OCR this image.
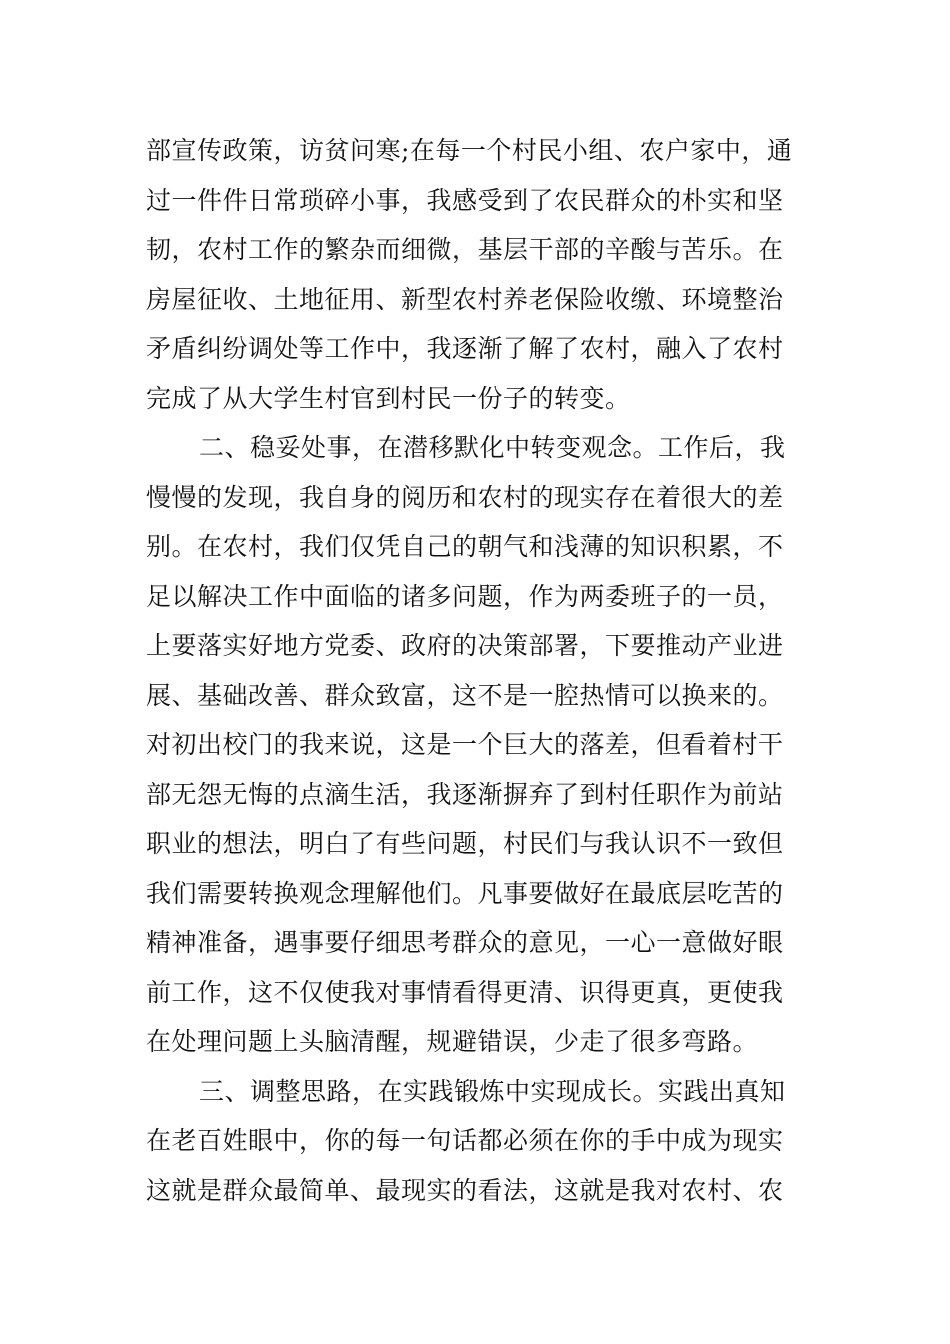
部宣传政策，访贫问寒;在每一个村民小组、农户家中，通
过一件件日常琐碎小事，我感受到了农民群众的朴实和坚
韧，农村工作的繁杂而细微，基层干部的辛酸与苦乐。在
房屋征收、土地征用、新型农村养老保险收缴、环境整治
矛盾纠纷调处等工作中，我逐渐了解了农村，融入了农村
完成了从大学生村官到村民一份子的转变。
二、稳妥处事，在潜移默化中转变观念。工作后，我
慢慢的发现，我自身的阅历和农村的现实存在着很大的差
别。在农村，我们仅凭自己的朝气和浅薄的知识积累，不
足以解决工作中面临的诸多问题，作为两委班子的一员，
上要落实好地方党委、政府的决策部署，下要推动产业进
展、基础改善、群众致富，这不是一腔热情可以换来的。
对初出校门的我来说，这是一个巨大的落差，但看着村干
部无怨无悔的点滴生活，我逐渐摒弃了到村任职作为前站
职业的想法，明白了有些问题，村民们与我认识不一致但
我们需要转换观念理解他们。凡事要做好在最底层吃苦的
精神准备，遇事要仔细思考群众的意见，一心一意做好眼
前工作，这不仅使我对事情看得更清、识得更真，更使我
在处理问题上头脑清醒，规避错误，少走了很多弯路。
三、调整思路，在实践锻炼中实现成长。实践出真知
在老百姓眼中，你的每一句话都必须在你的手中成为现实
这就是群众最简单、最现实的看法，这就是我对农村、农
